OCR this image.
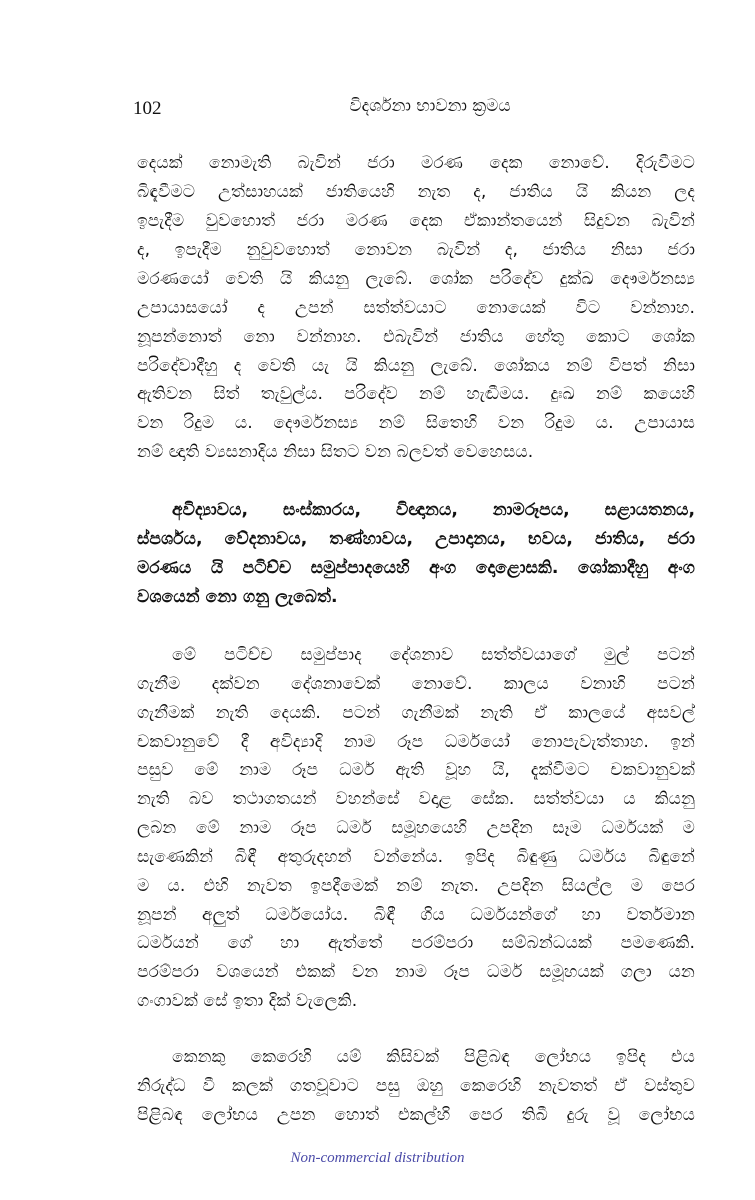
102	විදර්ශනා භාවනා ක්‍රමය
දෙයක් නොමැති බැවින් ජරා මරණ දෙක නොවේ. දිරුවීමට
බිඳැවීමට උත්සාහයක් ජාතියෙහි නැත ද, ජාතිය යි කියන ලද
ඉපැදීම වුවහොත් ජරා මරණ දෙක ඒකාන්තයෙන් සිදුවන බැවින්
ද, ඉපැදීම නුවුවහොත් නොවන බැවින් ද, ජාතිය නිසා ජරා
මරණයෝ වෙති යි කියනු ලැබේ. ශෝක පරිදේව දුක්ඛ දෞර්මනස්‍ය
උපායාසයෝ ද උපන් සත්ත්වයාට නොයෙක් විට වන්නාහ.
නූපන්නොත් නො වන්නාහ. එබැවින් ජාතිය හේතු කොට ශෝක
පරිදේවාදීහු ද වෙති යැ යි කියනු ලැබේ. ශෝකය නම් විපත් නිසා
ඇතිවන සිත් තැවුල්ය. පරිදේව නම් හැඬීමය. දුඃඛ නම් කයෙහි
වන රිදුම ය. දෞර්මනස්‍ය නම් සිතෙහි වන රිදුම ය. උපායාස
නම් ඥාති ව්‍යසනාදිය නිසා සිතට වන බලවත් වෙහෙසය.
අවිද්‍යාවය, සංස්කාරය, විඥානය, නාමරූපය, සළායතනය,
ස්පර්ශය, වේදනාවය, තණ්හාවය, උපාදානය, භවය, ජාතිය, ජරා
මරණය යි පටිච්ච සමුප්පාදයෙහි අංග දොළොසකි. ශෝකාදීහු අංග
වශයෙන් නො ගනු ලැබෙත්.
මේ පටිච්ච සමුප්පාද දේශනාව සත්ත්වයාගේ මුල් පටන්
ගැනීම දක්වන දේශනාවෙක් නොවේ. කාලය වනාහි පටන්
ගැනීමක් නැති දෙයකි. පටන් ගැනීමක් නැති ඒ කාලයේ අසවල්
චකවානුවේ දී අවිද්‍යාදි නාම රූප ධර්මයෝ නොපැවැත්තාහ. ඉන්
පසුව මේ නාම රූප ධර්ම ඇති වූහ යි, දැක්වීමට චකවානුවක්
නැති බව තථාගතයන් වහන්සේ වදාළ සේක. සත්ත්වයා ය කියනු
ලබන මේ නාම රූප ධර්ම සමූහයෙහි උපදින සෑම ධර්මයක් ම
සැණෙකින් බිඳී අතුරුදහන් වන්නේය. ඉපිද බිඳුණු ධර්මය බිඳුනේ
ම ය. එහි නැවත ඉපදීමෙක් නම් නැත. උපදින සියල්ල ම පෙර
නූපන් අලුත් ධර්මයෝය. බිඳී ගිය ධර්මයන්ගේ හා වර්තමාන
ධර්මයන් ගේ හා ඇත්තේ පරම්පරා සම්බන්ධයක් පමණෙකි.
පරම්පරා වශයෙන් එකක් වන නාම රූප ධර්ම සමූහයක් ගලා යන
ගංගාවක් සේ ඉතා දික් වැලෙකි.
කෙනකු කෙරෙහි යම් කිසිවක් පිළිබඳ ලෝභය ඉපිද එය
නිරුද්ධ වී කලක් ගතවූවාට පසු ඔහු කෙරෙහි නැවතත් ඒ වස්තුව
පිළිබඳ ලෝභය උපන හොත් එකල්හි පෙර තිබී දුරු වූ ලෝභය
Non-commercial distribution
